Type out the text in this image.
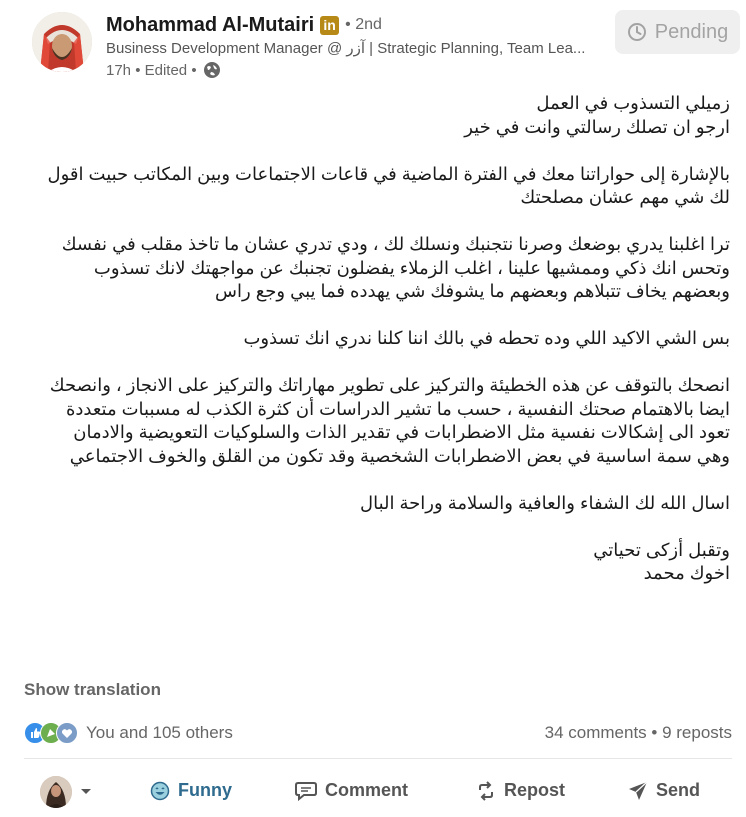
Mohammad Al-Mutairi in • 2nd
Business Development Manager @ آزر | Strategic Planning, Team Lea...
17h • Edited •
Pending
زميلي التسذوب في العمل
ارجو ان تصلك رسالتي وانت في خير
بالإشارة إلى حواراتنا معك في الفترة الماضية في قاعات الاجتماعات وبين المكاتب حبيت اقول
لك شي مهم عشان مصلحتك
ترا اغلبنا يدري بوضعك وصرنا نتجنبك ونسلك لك ، ودي تدري عشان ما تاخذ مقلب في نفسك
وتحس انك ذكي وممشيها علينا ، اغلب الزملاء يفضلون تجنبك عن مواجهتك لانك تسذوب
وبعضهم يخاف تتبلاهم وبعضهم ما يشوفك شي يهدده فما يبي وجع راس
بس الشي الاكيد اللي وده تحطه في بالك اننا كلنا ندري انك تسذوب
انصحك بالتوقف عن هذه الخطيئة والتركيز على تطوير مهاراتك والتركيز على الانجاز ، وانصحك
ايضا بالاهتمام صحتك النفسية ، حسب ما تشير الدراسات أن كثرة الكذب له مسببات متعددة
تعود الى إشكالات نفسية مثل الاضطرابات في تقدير الذات والسلوكيات التعويضية والادمان
وهي سمة اساسية في بعض الاضطرابات الشخصية وقد تكون من القلق والخوف الاجتماعي
اسال الله لك الشفاء والعافية والسلامة وراحة البال
وتقبل أزكى تحياتي
اخوك محمد
Show translation
You and 105 others	34 comments • 9 reposts
Funny	Comment	Repost	Send
